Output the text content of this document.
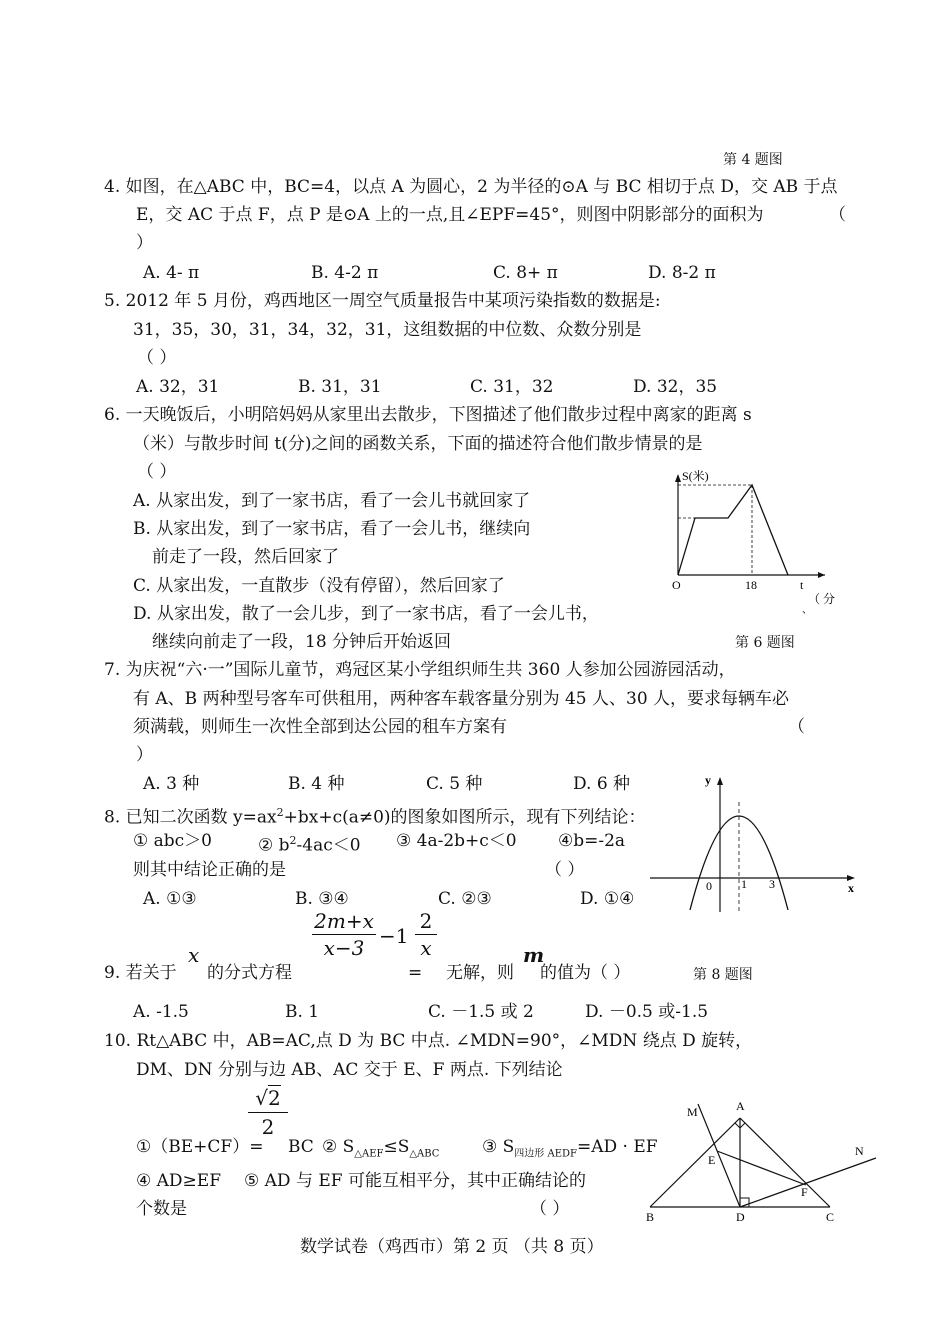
第 4 题图
4. 如图，在△ABC 中，BC=4，以点 A 为圆心，2 为半径的⊙A 与 BC 相切于点 D，交 AB 于点
E，交 AC 于点 F，点 P 是⊙A 上的一点,且∠EPF=45°，则图中阴影部分的面积为	（
）
A. 4- π	B. 4-2 π	C. 8+ π	D. 8-2 π
5. 2012 年 5 月份，鸡西地区一周空气质量报告中某项污染指数的数据是:
31，35，30，31，34，32，31，这组数据的中位数、众数分别是
（ ）
A. 32，31	B. 31，31	C. 31，32	D. 32，35
6. 一天晚饭后，小明陪妈妈从家里出去散步，下图描述了他们散步过程中离家的距离 s
（米）与散步时间 t(分)之间的函数关系，下面的描述符合他们散步情景的是
（ ）
A. 从家出发，到了一家书店，看了一会儿书就回家了
B. 从家出发，到了一家书店，看了一会儿书，继续向
前走了一段，然后回家了
C. 从家出发，一直散步（没有停留），然后回家了
D. 从家出发，散了一会儿步，到了一家书店，看了一会儿书，
继续向前走了一段，18 分钟后开始返回	第 6 题图
S(米)
O	18	t
（ 分
、
7. 为庆祝“六·一”国际儿童节，鸡冠区某小学组织师生共 360 人参加公园游园活动，
有 A、B 两种型号客车可供租用，两种客车载客量分别为 45 人、30 人，要求每辆车必
须满载，则师生一次性全部到达公园的租车方案有	（
）
A. 3 种	B. 4 种	C. 5 种	D. 6 种
8. 已知二次函数 $y=ax^2+bx+c(a\ne 0)$的图象如图所示，现有下列结论：
① abc＞0	② $b^2-4ac<0$ ③ 4a-2b+c＜0 ④b=-2a
则其中结论正确的是	（ ）
A. ①③	B. ③④	C. ②③	D. ①④
y
x
0 1 3
9. 若关于
x
的分式方程
$\frac{2m+x}{x-3} -1 \frac{2}{x}$
= 无解，则
m
的值为（ ）	第 8 题图
A. -1.5	B. 1	C. －1.5 或 2	D. －0.5 或-1.5
10. Rt△ABC 中，AB=AC,点 D 为 BC 中点. ∠MDN=90°，∠MDN 绕点 D 旋转，
DM、DN 分别与边 AB、AC 交于 E、F 两点. 下列结论
①（BE+CF）=
$\frac{√2}{2}$
BC ② $S_{\triangle AEF}\le S_{\triangle ABC}$	③ $S_{四边形 AEDF}=AD$ · EF
④ AD≥EF ⑤ AD 与 EF 可能互相平分，其中正确结论的
个数是	（ ）
A
M
N
E
F
B	D	C
数学试卷（鸡西市）第 2 页 （共 8 页）
